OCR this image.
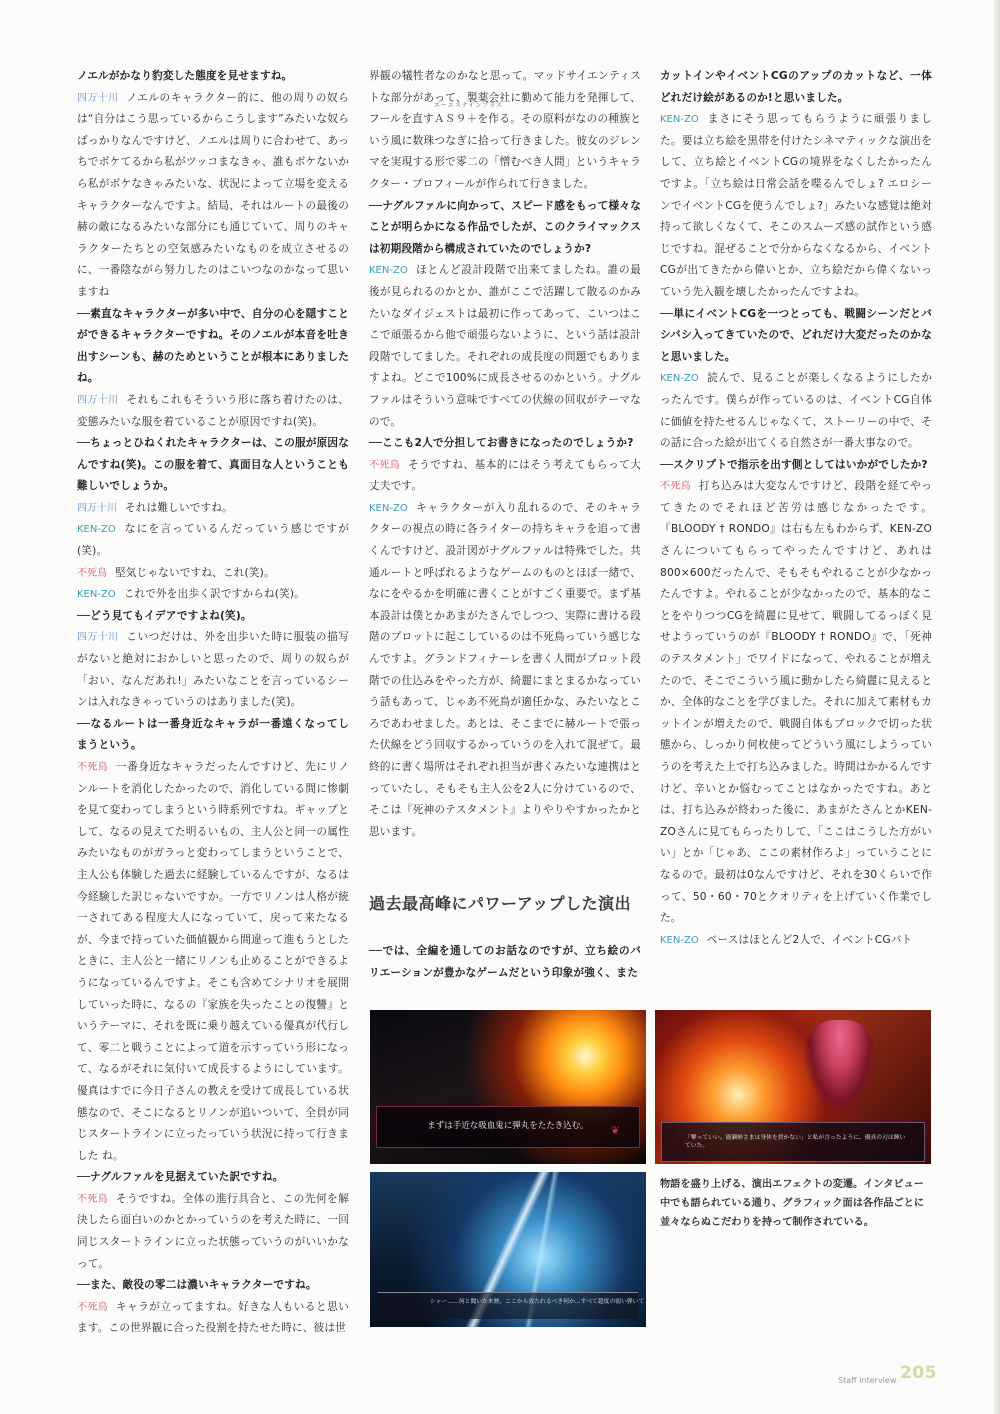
ノエルがかなり豹変した態度を見せますね。

四万十川 ノエルのキャラクター的に、他の周りの奴らは“自分はこう思っているからこうします”みたいな奴らばっかりなんですけど、ノエルは周りに合わせて、あっちでボケてるから私がツッコまなきゃ、誰もボケないから私がボケなきゃみたいな、状況によって立場を変えるキャラクターなんですよ。結局、それはルートの最後の赫の敵になるみたいな部分にも通じていて、周りのキャラクターたちとの空気感みたいなものを成立させるのに、一番陰ながら努力したのはこいつなのかなって思いますね

──素直なキャラクターが多い中で、自分の心を隠すことができるキャラクターですね。そのノエルが本音を吐き出すシーンも、赫のためということが根本にありましたね。

四万十川 それもこれもそういう形に落ち着けたのは、変態みたいな服を着ていることが原因ですね(笑)。

──ちょっとひねくれたキャラクターは、この服が原因なんですね(笑)。この服を着て、真面目な人ということも難しいでしょうか。

四万十川 それは難しいですね。

KEN-ZO なにを言っているんだっていう感じですが(笑)。

不死鳥 堅気じゃないですね、これ(笑)。

KEN-ZO これで外を出歩く訳ですからね(笑)。

──どう見てもイデアですよね(笑)。

四万十川 こいつだけは、外を出歩いた時に服装の描写がないと絶対におかしいと思ったので、周りの奴らが「おい、なんだあれ!」みたいなことを言っているシーンは入れなきゃっていうのはありました(笑)。

──なるルートは一番身近なキャラが一番遠くなってしまうという。

不死鳥 一番身近なキャラだったんですけど、先にリノンルートを消化したかったので、消化している間に惨劇を見て変わってしまうという時系列ですね。ギャップとして、なるの見えてた明るいもの、主人公と同一の属性みたいなものがガラっと変わってしまうということで、主人公も体験した過去に経験しているんですが、なるは今経験した訳じゃないですか。一方でリノンは人格が統一されてある程度大人になっていて、戻って来たなるが、今まで持っていた価値観から間違って進もうとしたときに、主人公と一緒にリノンも止めることができるようになっているんですよ。そこも含めてシナリオを展開していった時に、なるの『家族を失ったことの復讐』というテーマに、それを既に乗り越えている優真が代行して、零二と戦うことによって道を示すっていう形になって、なるがそれに気付いて成長するようにしています。優真はすでに今日子さんの教えを受けて成長している状態なので、そこになるとリノンが追いついて、全員が同じスタートラインに立ったっていう状況に持って行きました ね。

──ナグルファルを見据えていた訳ですね。

不死鳥 そうですね。全体の進行具合と、この先何を解決したら面白いのかとかっていうのを考えた時に、一回同じスタートラインに立った状態っていうのがいいかなって。

──また、敵役の零二は濃いキャラクターですね。

不死鳥 キャラが立ってますね。好きな人もいると思います。この世界観に合った役割を持たせた時に、彼は世

界観の犠牲者なのかなと思って。マッドサイエンティストな部分があって、製薬会社に勤めて能力を発揮して、フールを直す
エーエスナインプラス
ＡＳ９＋を作る。その原料がなのの種族という風に数珠つなぎに拾って行きました。彼女のジレンマを実現する形で零二の「憎むべき人間」というキャラクター・プロフィールが作られて行きました。

──ナグルファルに向かって、スピード感をもって様々なことが明らかになる作品でしたが、このクライマックスは初期段階から構成されていたのでしょうか?

KEN-ZO ほとんど設計段階で出来てましたね。誰の最後が見られるのかとか、誰がここで活躍して散るのかみたいなダイジェストは最初に作ってあって、こいつはここで頑張るから他で頑張らないように、という話は設計段階でしてました。それぞれの成長度の問題でもありますよね。どこで100%に成長させるのかという。ナグルファルはそういう意味ですべての伏線の回収がテーマなので。

──ここも2人で分担してお書きになったのでしょうか?

不死鳥 そうですね、基本的にはそう考えてもらって大丈夫です。

KEN-ZO キャラクターが入り乱れるので、そのキャラクターの視点の時に各ライターの持ちキャラを追って書くんですけど、設計図がナグルファルは特殊でした。共通ルートと呼ばれるようなゲームのものとほぼ一緒で、なにをやるかを明確に書くことがすごく重要で。まず基本設計は僕とかあまがたさんでしつつ、実際に書ける段階のプロットに起こしているのは不死鳥っていう感じなんですよ。グランドフィナーレを書く人間がプロット段階での仕込みをやった方が、綺麗にまとまるかなっていう話もあって、じゃあ不死鳥が適任かな、みたいなところであわせました。あとは、そこまでに赫ルートで張った伏線をどう回収するかっていうのを入れて混ぜて。最終的に書く場所はそれぞれ担当が書くみたいな連携はとっていたし、そもそも主人公を2人に分けているので、そこは『死神のテスタメント』よりやりやすかったかと思います。

過去最高峰にパワーアップした演出

──では、全編を通してのお話なのですが、立ち絵のバリエーションが豊かなゲームだという印象が強く、また

カットインやイベントCGのアップのカットなど、一体どれだけ絵があるのか!と思いました。

KEN-ZO まさにそう思ってもらうように頑張りました。要は立ち絵を黒帯を付けたシネマティックな演出をして、立ち絵とイベントCGの境界をなくしたかったんですよ。「立ち絵は日常会話を喋るんでしょ? エロシーンでイベントCGを使うんでしょ?」みたいな感覚は絶対持って欲しくなくて、そこのスムーズ感の試作という感じですね。混ぜることで分からなくなるから、イベントCGが出てきたから偉いとか、立ち絵だから偉くないっていう先入観を壊したかったんですよね。

──単にイベントCGを一つとっても、戦闘シーンだとバシバシ入ってきていたので、どれだけ大変だったのかなと思いました。

KEN-ZO 読んで、見ることが楽しくなるようにしたかったんです。僕らが作っているのは、イベントCG自体に価値を持たせるんじゃなくて、ストーリーの中で、その話に合った絵が出てくる自然さが一番大事なので。

──スクリプトで指示を出す側としてはいかがでしたか?

不死鳥 打ち込みは大変なんですけど、段階を経てやってきたのでそれほど苦労は感じなかったです。『BLOODY † RONDO』は右も左もわからず、KEN-ZOさんについてもらってやったんですけど、あれは800×600だったんで、そもそもやれることが少なかったんですよ。やれることが少なかったので、基本的なことをやりつつCGを綺麗に見せて、戦闘してるっぽく見せようっていうのが『BLOODY † RONDO』で、「死神のテスタメント」でワイドになって、やれることが増えたので、そこでこういう風に動かしたら綺麗に見えるとか、全体的なことを学びました。それに加えて素材もカットインが増えたので、戦闘自体もブロックで切った状態から、しっかり何枚使ってどういう風にしようっていうのを考えた上で打ち込みました。時間はかかるんですけど、辛いとか悩むってことはなかったですね。あとは、打ち込みが終わった後に、あまがたさんとかKEN-ZOさんに見てもらったりして、「ここはこうした方がいい」とか「じゃあ、ここの素材作ろよ」っていうことになるので。最初は0なんですけど、それを30くらいで作って、50・60・70とクオリティを上げていく作業でした。

KEN-ZO ベースはほとんど2人で、イベントCGバト

まずは手近な吸血鬼に弾丸をたたき込む。	❦
シャー……何と聞いた来歴、ここから放たれるべき何か…すべて超度の弱い弾いて
「撃っていい。能瀬姉さまは身体を貫かない」と私が言ったように、優真の刃は輝いていた。
物語を盛り上げる、演出エフェクトの変遷。インタビュー中でも語られている通り、グラフィック面は各作品ごとに並々ならぬこだわりを持って制作されている。
Staff Interview 205
